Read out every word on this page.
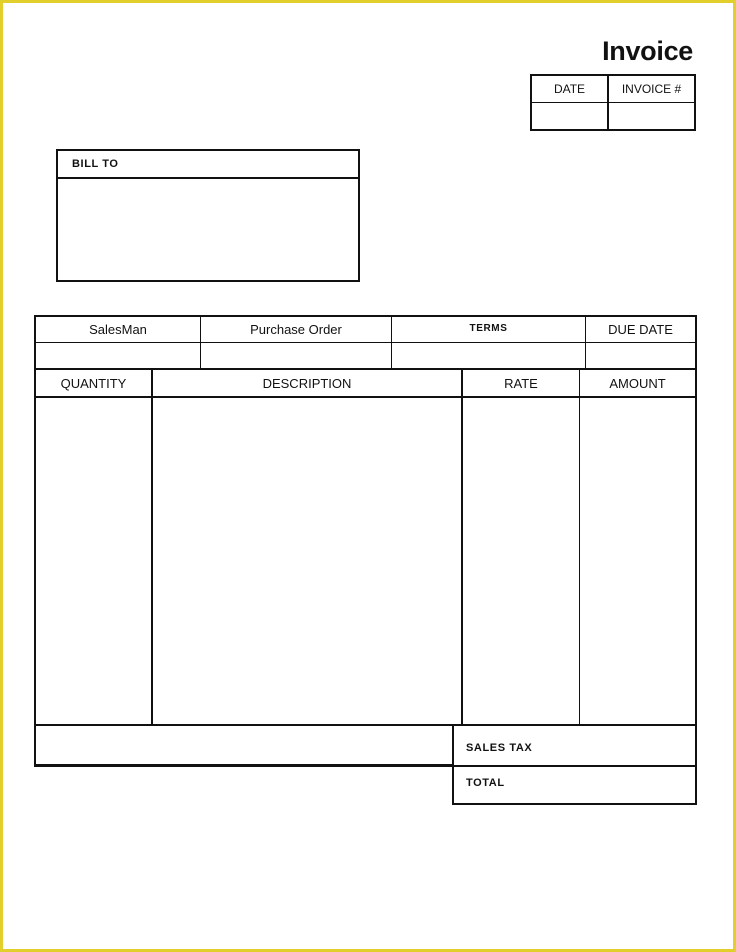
Invoice
DATE	INVOICE #
BILL TO
SalesMan	Purchase Order	TERMS	DUE DATE
QUANTITY	DESCRIPTION	RATE	AMOUNT
SALES TAX
TOTAL
